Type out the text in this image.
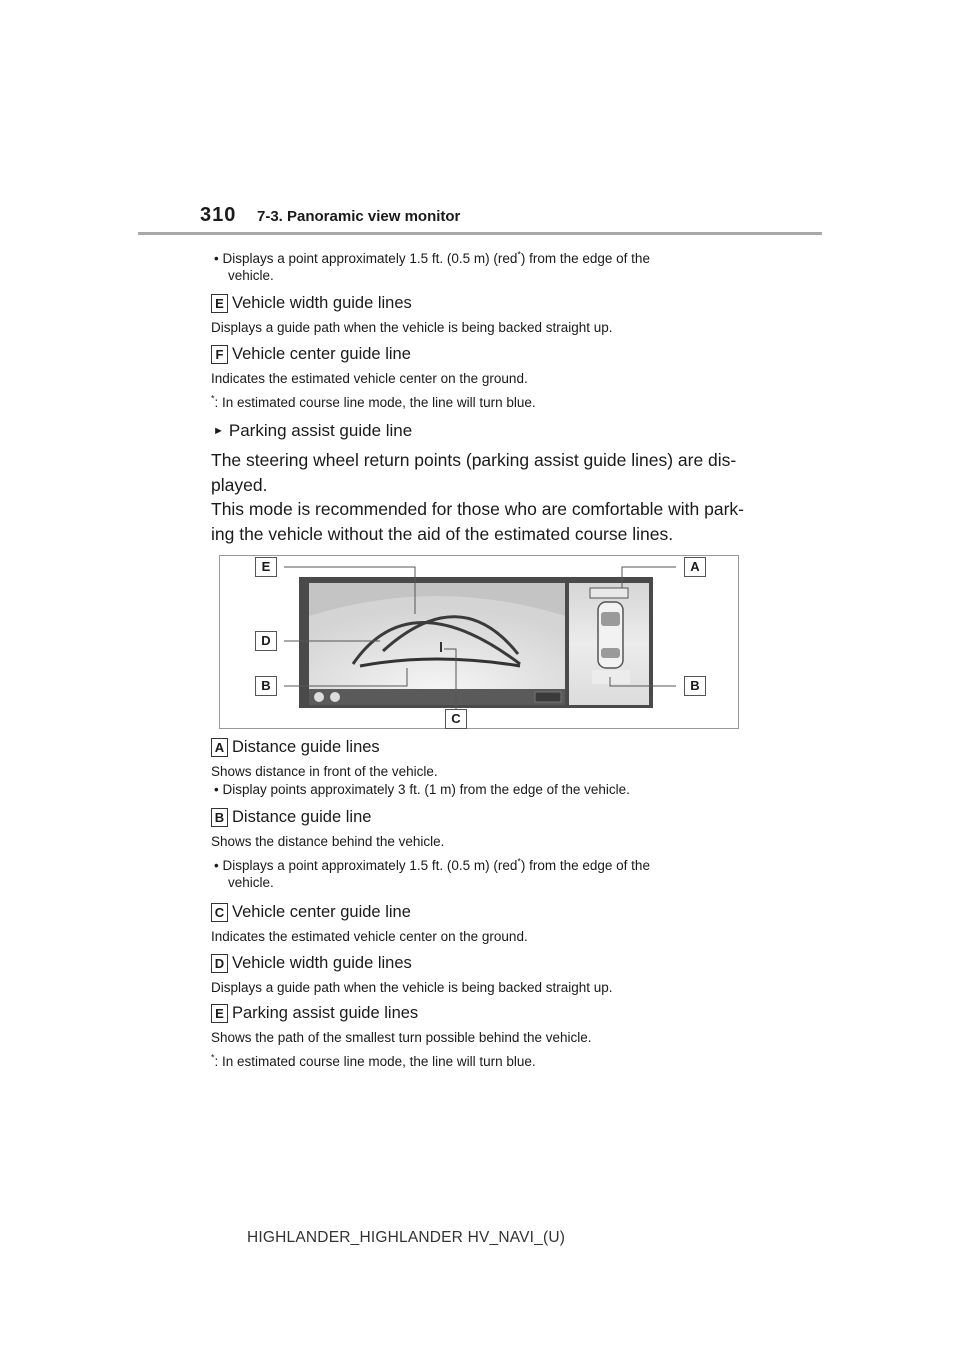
310 7-3. Panoramic view monitor
• Displays a point approximately 1.5 ft. (0.5 m) (red*) from the edge of the
vehicle.
E Vehicle width guide lines
Displays a guide path when the vehicle is being backed straight up.
F Vehicle center guide line
Indicates the estimated vehicle center on the ground.
*: In estimated course line mode, the line will turn blue.
► Parking assist guide line
The steering wheel return points (parking assist guide lines) are dis-
played.
This mode is recommended for those who are comfortable with park-
ing the vehicle without the aid of the estimated course lines.
E
D
B
C
A
B
A Distance guide lines
Shows distance in front of the vehicle.
• Display points approximately 3 ft. (1 m) from the edge of the vehicle.
B Distance guide line
Shows the distance behind the vehicle.
• Displays a point approximately 1.5 ft. (0.5 m) (red*) from the edge of the
vehicle.
C Vehicle center guide line
Indicates the estimated vehicle center on the ground.
D Vehicle width guide lines
Displays a guide path when the vehicle is being backed straight up.
E Parking assist guide lines
Shows the path of the smallest turn possible behind the vehicle.
*: In estimated course line mode, the line will turn blue.
HIGHLANDER_HIGHLANDER HV_NAVI_(U)
